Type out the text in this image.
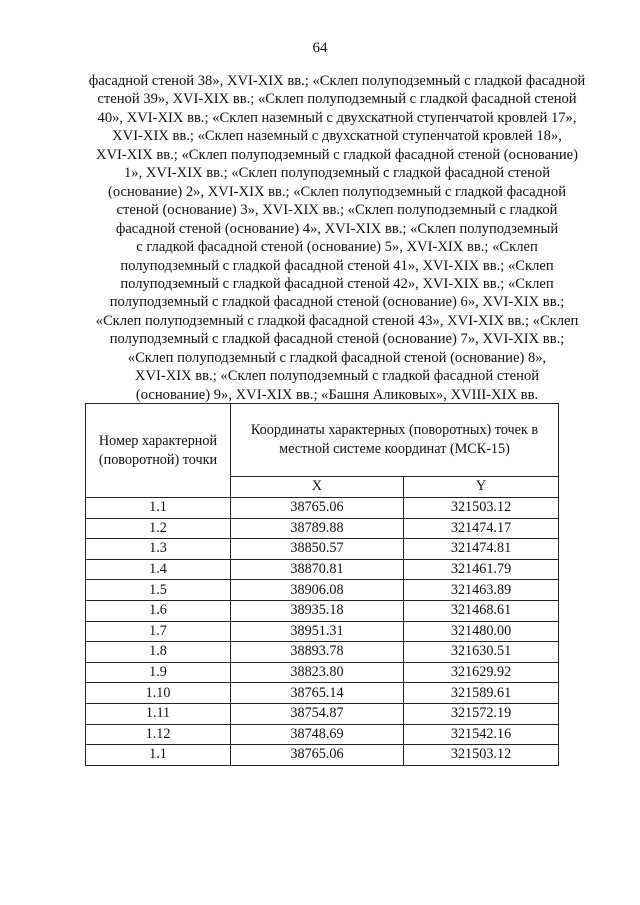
64
фасадной стеной 38», XVI-XIX вв.; «Склеп полуподземный с гладкой фасадной
стеной 39», XVI-XIX вв.; «Склеп полуподземный с гладкой фасадной стеной
40», XVI-XIX вв.; «Склеп наземный с двухскатной ступенчатой кровлей 17»,
XVI-XIX вв.; «Склеп наземный с двухскатной ступенчатой кровлей 18»,
XVI-XIX вв.; «Склеп полуподземный с гладкой фасадной стеной (основание)
1», XVI-XIX вв.; «Склеп полуподземный с гладкой фасадной стеной
(основание) 2», XVI-XIX вв.; «Склеп полуподземный с гладкой фасадной
стеной (основание) 3», XVI-XIX вв.; «Склеп полуподземный с гладкой
фасадной стеной (основание) 4», XVI-XIX вв.; «Склеп полуподземный
с гладкой фасадной стеной (основание) 5», XVI-XIX вв.; «Склеп
полуподземный с гладкой фасадной стеной 41», XVI-XIX вв.; «Склеп
полуподземный с гладкой фасадной стеной 42», XVI-XIX вв.; «Склеп
полуподземный с гладкой фасадной стеной (основание) 6», XVI-XIX вв.;
«Склеп полуподземный с гладкой фасадной стеной 43», XVI-XIX вв.; «Склеп
полуподземный с гладкой фасадной стеной (основание) 7», XVI-XIX вв.;
«Склеп полуподземный с гладкой фасадной стеной (основание) 8»,
XVI-XIX вв.; «Склеп полуподземный с гладкой фасадной стеной
(основание) 9», XVI-XIX вв.; «Башня Аликовых», XVIII-XIX вв.
Номер характерной (поворотной) точки	Координаты характерных (поворотных) точек в местной системе координат (МСК-15)	
	X	Y
1.1	38765.06	321503.12
1.2	38789.88	321474.17
1.3	38850.57	321474.81
1.4	38870.81	321461.79
1.5	38906.08	321463.89
1.6	38935.18	321468.61
1.7	38951.31	321480.00
1.8	38893.78	321630.51
1.9	38823.80	321629.92
1.10	38765.14	321589.61
1.11	38754.87	321572.19
1.12	38748.69	321542.16
1.1	38765.06	321503.12
